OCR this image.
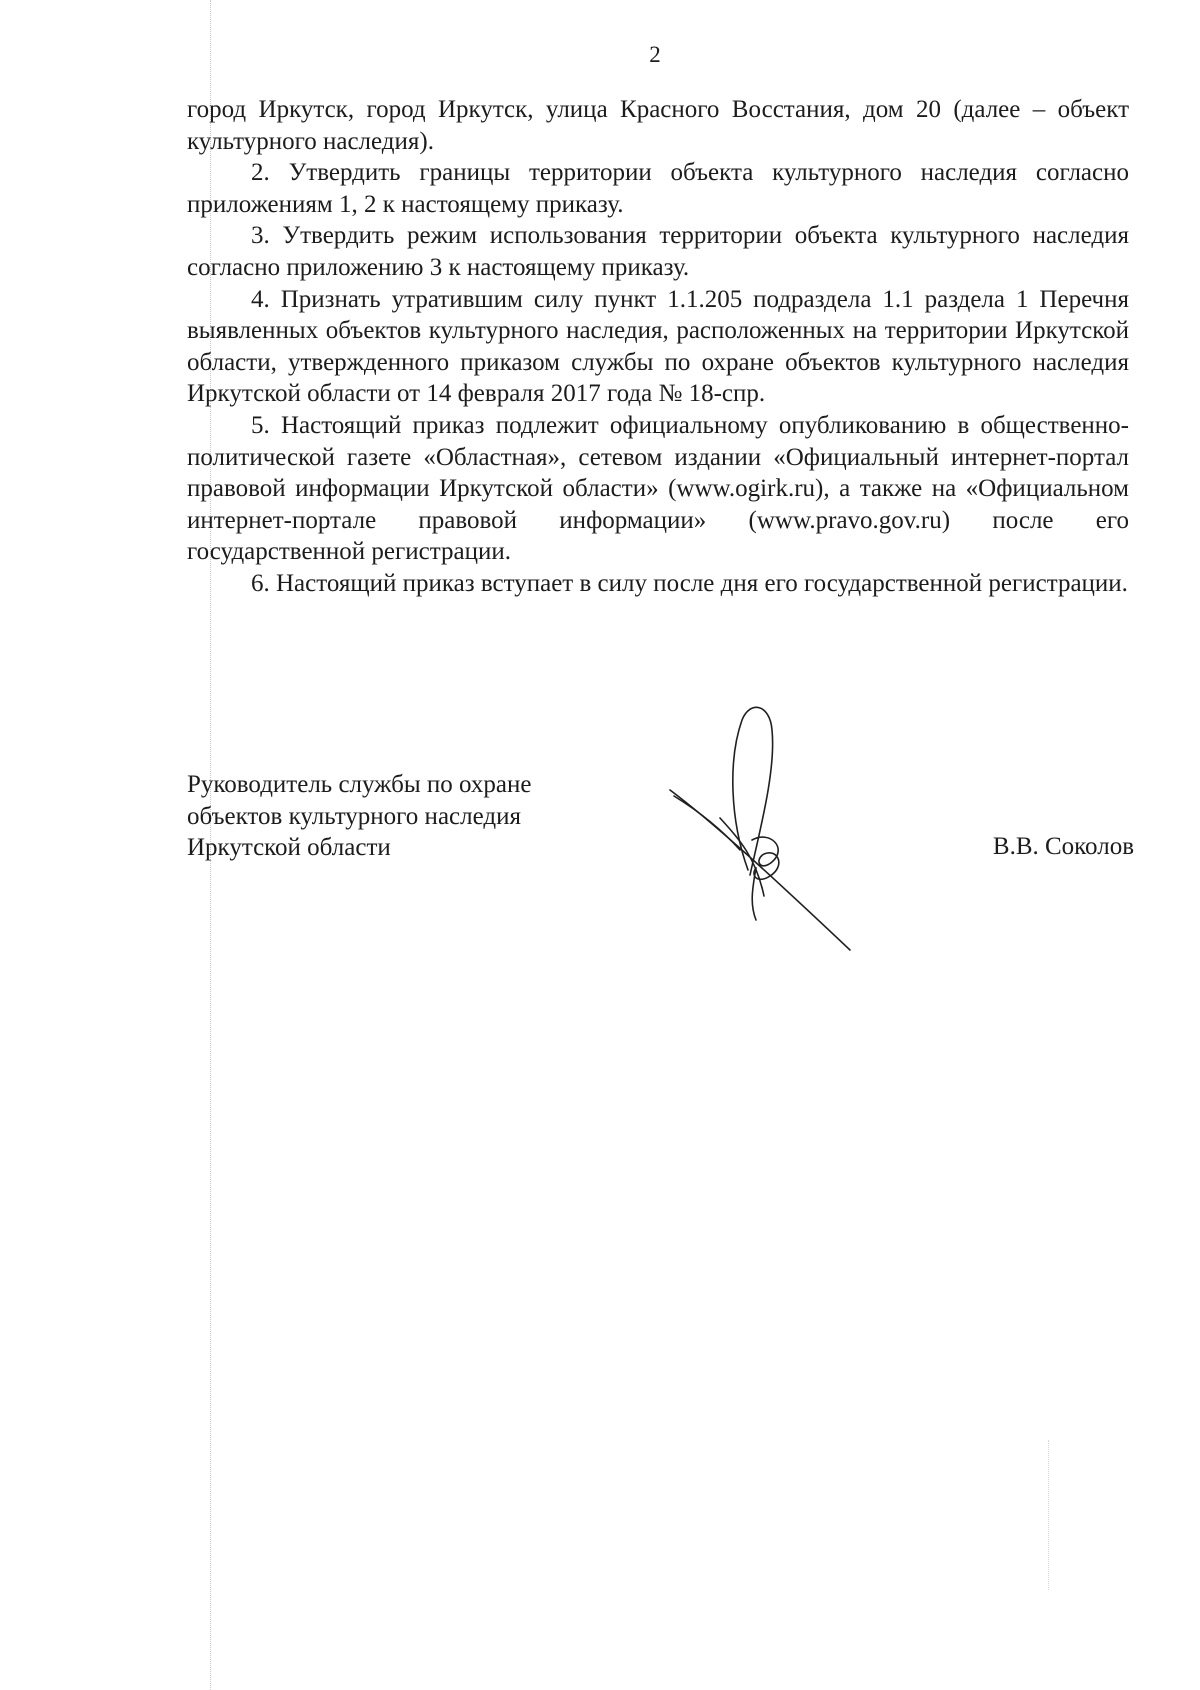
2

город Иркутск, город Иркутск, улица Красного Восстания, дом 20 (далее – объект культурного наследия).

2. Утвердить границы территории объекта культурного наследия согласно приложениям 1, 2 к настоящему приказу.

3. Утвердить режим использования территории объекта культурного наследия согласно приложению 3 к настоящему приказу.

4. Признать утратившим силу пункт 1.1.205 подраздела 1.1 раздела 1 Перечня выявленных объектов культурного наследия, расположенных на территории Иркутской области, утвержденного приказом службы по охране объектов культурного наследия Иркутской области от 14 февраля 2017 года № 18-спр.

5. Настоящий приказ подлежит официальному опубликованию в общественно-политической газете «Областная», сетевом издании «Официальный интернет-портал правовой информации Иркутской области» (www.ogirk.ru), а также на «Официальном интернет-портале правовой информации» (www.pravo.gov.ru) после его государственной регистрации.

6. Настоящий приказ вступает в силу после дня его государственной регистрации.

Руководитель службы по охране
объектов культурного наследия
Иркутской области	В.В. Соколов
